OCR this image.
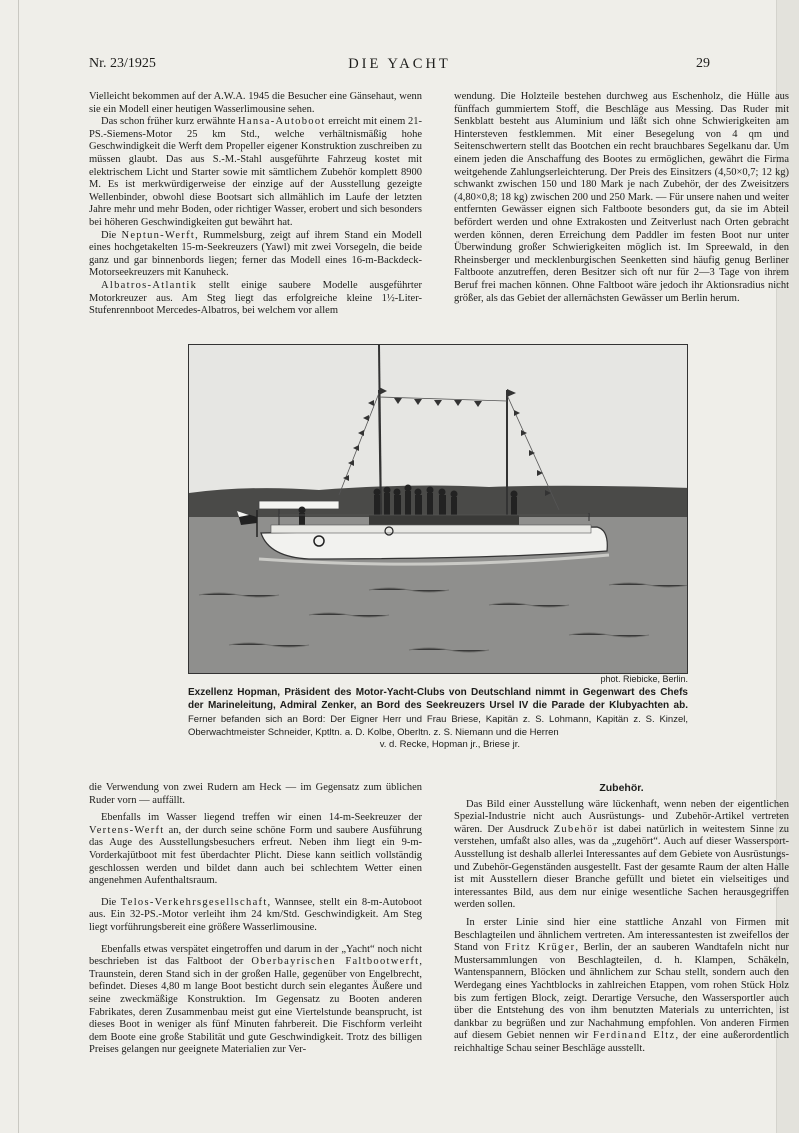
Nr. 23/1925	DIE YACHT	29

Vielleicht bekommen auf der A.W.A. 1945 die Besucher eine Gänsehaut, wenn sie ein Modell einer heutigen Wasserlimousine sehen.

Das schon früher kurz erwähnte Hansa-Autoboot erreicht mit einem 21-PS.-Siemens-Motor 25 km Std., welche verhältnismäßig hohe Geschwindigkeit die Werft dem Propeller eigener Konstruktion zuschreiben zu müssen glaubt. Das aus S.-M.-Stahl ausgeführte Fahrzeug kostet mit elektrischem Licht und Starter sowie mit sämtlichem Zubehör komplett 8900 M. Es ist merkwürdigerweise der einzige auf der Ausstellung gezeigte Wellenbinder, obwohl diese Bootsart sich allmählich im Laufe der letzten Jahre mehr und mehr Boden, oder richtiger Wasser, erobert und sich besonders bei höheren Geschwindigkeiten gut bewährt hat.

Die Neptun-Werft, Rummelsburg, zeigt auf ihrem Stand ein Modell eines hochgetakelten 15-m-Seekreuzers (Yawl) mit zwei Vorsegeln, die beide ganz und gar binnenbords liegen; ferner das Modell eines 16-m-Backdeck-Motorseekreuzers mit Kanuheck.

Albatros-Atlantik stellt einige saubere Modelle ausgeführter Motorkreuzer aus. Am Steg liegt das erfolgreiche kleine 1½-Liter-Stufenrennboot Mercedes-Albatros, bei welchem vor allem

wendung. Die Holzteile bestehen durchweg aus Eschenholz, die Hülle aus fünffach gummiertem Stoff, die Beschläge aus Messing. Das Ruder mit Senkblatt besteht aus Aluminium und läßt sich ohne Schwierigkeiten am Hintersteven festklemmen. Mit einer Besegelung von 4 qm und Seitenschwertern stellt das Bootchen ein recht brauchbares Segelkanu dar. Um einem jeden die Anschaffung des Bootes zu ermöglichen, gewährt die Firma weitgehende Zahlungserleichterung. Der Preis des Einsitzers (4,50×0,7; 12 kg) schwankt zwischen 150 und 180 Mark je nach Zubehör, der des Zweisitzers (4,80×0,8; 18 kg) zwischen 200 und 250 Mark. — Für unsere nahen und weiter entfernten Gewässer eignen sich Faltboote besonders gut, da sie im Abteil befördert werden und ohne Extrakosten und Zeitverlust nach Orten gebracht werden können, deren Erreichung dem Paddler im festen Boot nur unter Überwindung großer Schwierigkeiten möglich ist. Im Spreewald, in den Rheinsberger und mecklenburgischen Seenketten sind häufig genug Berliner Faltboote anzutreffen, deren Besitzer sich oft nur für 2—3 Tage von ihrem Beruf frei machen können. Ohne Faltboot wäre jedoch ihr Aktionsradius nicht größer, als das Gebiet der allernächsten Gewässer um Berlin herum.

phot. Riebicke, Berlin.
Exzellenz Hopman, Präsident des Motor-Yacht-Clubs von Deutschland nimmt in Gegenwart des Chefs der Marineleitung, Admiral Zenker, an Bord des Seekreuzers Ursel IV die Parade der Klubyachten ab.
Ferner befanden sich an Bord: Der Eigner Herr und Frau Briese, Kapitän z. S. Lohmann, Kapitän z. S. Kinzel, Oberwachtmeister Schneider, Kptltn. a. D. Kolbe, Oberltn. z. S. Niemann und die Herren
v. d. Recke, Hopman jr., Briese jr.

die Verwendung von zwei Rudern am Heck — im Gegensatz zum üblichen Ruder vorn — auffällt.

Ebenfalls im Wasser liegend treffen wir einen 14-m-Seekreuzer der Vertens-Werft an, der durch seine schöne Form und saubere Ausführung das Auge des Ausstellungsbesuchers erfreut. Neben ihm liegt ein 9-m-Vorderkajütboot mit fest überdachter Plicht. Diese kann seitlich vollständig geschlossen werden und bildet dann auch bei schlechtem Wetter einen angenehmen Aufenthaltsraum.

Die Telos-Verkehrsgesellschaft, Wannsee, stellt ein 8-m-Autoboot aus. Ein 32-PS.-Motor verleiht ihm 24 km/Std. Geschwindigkeit. Am Steg liegt vorführungsbereit eine größere Wasserlimousine.

Ebenfalls etwas verspätet eingetroffen und darum in der „Yacht“ noch nicht beschrieben ist das Faltboot der Oberbayrischen Faltbootwerft, Traunstein, deren Stand sich in der großen Halle, gegenüber von Engelbrecht, befindet. Dieses 4,80 m lange Boot besticht durch sein elegantes Äußere und seine zweckmäßige Konstruktion. Im Gegensatz zu Booten anderen Fabrikates, deren Zusammenbau meist gut eine Viertelstunde beansprucht, ist dieses Boot in weniger als fünf Minuten fahrbereit. Die Fischform verleiht dem Boote eine große Stabilität und gute Geschwindigkeit. Trotz des billigen Preises gelangen nur geeignete Materialien zur Ver-

Zubehör.

Das Bild einer Ausstellung wäre lückenhaft, wenn neben der eigentlichen Spezial-Industrie nicht auch Ausrüstungs- und Zubehör-Artikel vertreten wären. Der Ausdruck Zubehör ist dabei natürlich in weitestem Sinne zu verstehen, umfaßt also alles, was da „zugehört“. Auch auf dieser Wassersport-Ausstellung ist deshalb allerlei Interessantes auf dem Gebiete von Ausrüstungs- und Zubehör-Gegenständen ausgestellt. Fast der gesamte Raum der alten Halle ist mit Ausstellern dieser Branche gefüllt und bietet ein vielseitiges und interessantes Bild, aus dem nur einige wesentliche Sachen herausgegriffen werden sollen.

In erster Linie sind hier eine stattliche Anzahl von Firmen mit Beschlagteilen und ähnlichem vertreten. Am interessantesten ist zweifellos der Stand von Fritz Krüger, Berlin, der an sauberen Wandtafeln nicht nur Mustersammlungen von Beschlagteilen, d. h. Klampen, Schäkeln, Wantenspannern, Blöcken und ähnlichem zur Schau stellt, sondern auch den Werdegang eines Yachtblocks in zahlreichen Etappen, vom rohen Stück Holz bis zum fertigen Block, zeigt. Derartige Versuche, den Wassersportler auch über die Entstehung des von ihm benutzten Materials zu unterrichten, ist dankbar zu begrüßen und zur Nachahmung empfohlen. Von anderen Firmen auf diesem Gebiet nennen wir Ferdinand Eltz, der eine außerordentlich reichhaltige Schau seiner Beschläge ausstellt.
